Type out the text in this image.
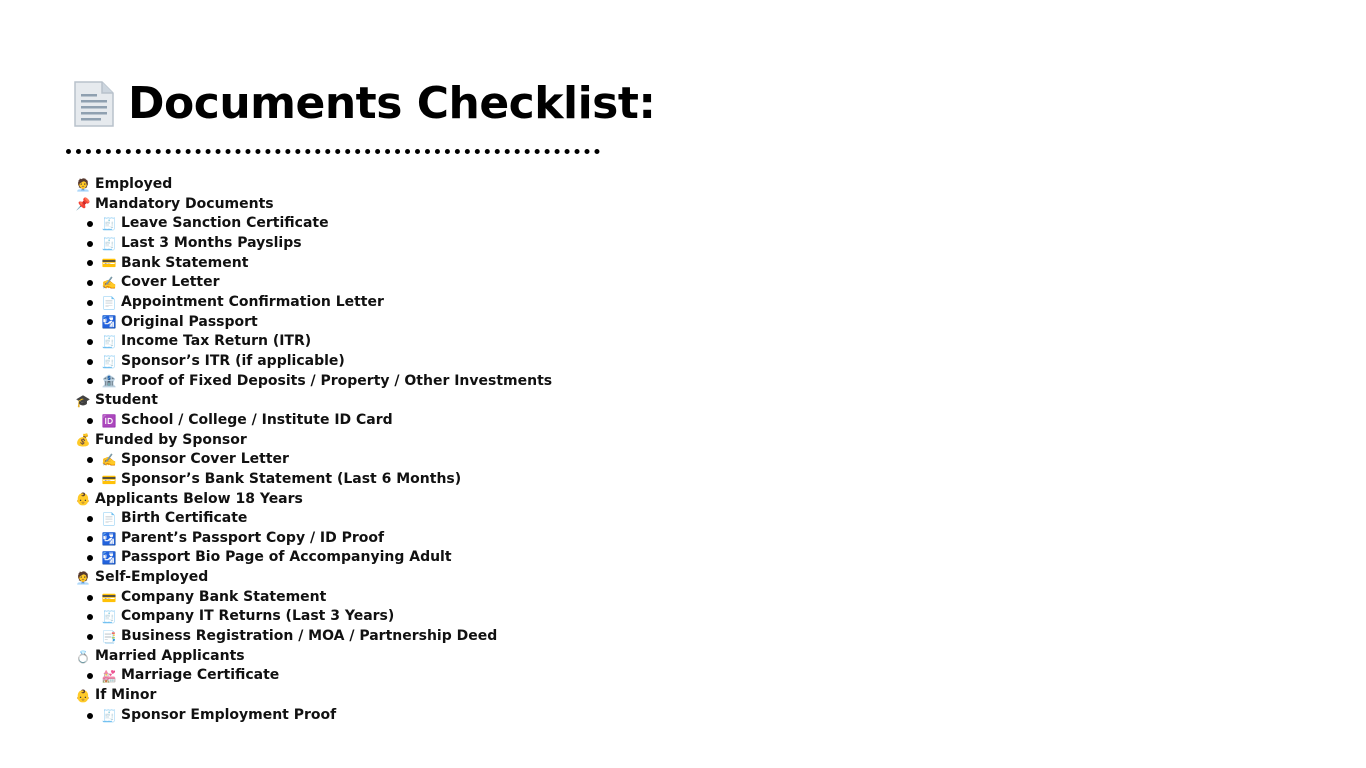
Documents Checklist:
🧑‍💼 Employed
📌 Mandatory Documents
🧾 Leave Sanction Certificate
🧾 Last 3 Months Payslips
💳 Bank Statement
✍️ Cover Letter
📄 Appointment Confirmation Letter
🛂 Original Passport
🧾 Income Tax Return (ITR)
🧾 Sponsor’s ITR (if applicable)
🏦 Proof of Fixed Deposits / Property / Other Investments
🎓 Student
🆔 School / College / Institute ID Card
💰 Funded by Sponsor
✍️ Sponsor Cover Letter
💳 Sponsor’s Bank Statement (Last 6 Months)
👶 Applicants Below 18 Years
📄 Birth Certificate
🛂 Parent’s Passport Copy / ID Proof
🛂 Passport Bio Page of Accompanying Adult
🧑‍💼 Self-Employed
💳 Company Bank Statement
🧾 Company IT Returns (Last 3 Years)
📑 Business Registration / MOA / Partnership Deed
💍 Married Applicants
💒 Marriage Certificate
👶 If Minor
🧾 Sponsor Employment Proof
